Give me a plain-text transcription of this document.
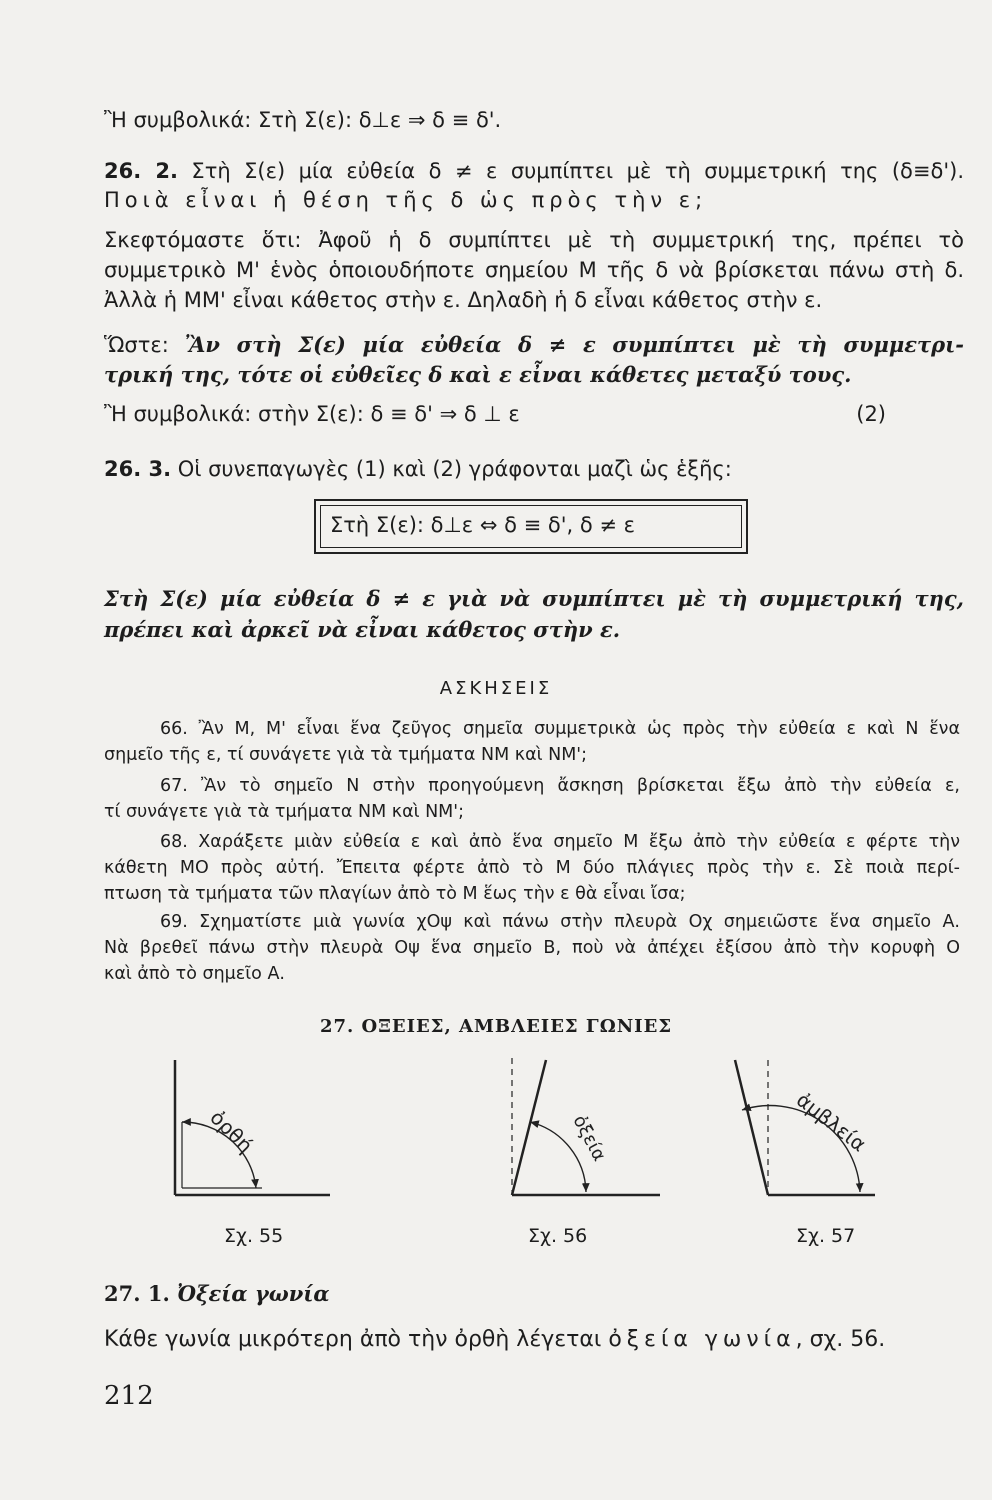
Ἢ συμβολικά: Στὴ Σ(ε): δ⊥ε ⇒ δ ≡ δ'.
26. 2. Στὴ Σ(ε) μία εὐθεία δ ≠ ε συμπίπτει μὲ τὴ συμμετρική της (δ≡δ').
Ποιὰ εἶναι ἡ θέση τῆς δ ὡς πρὸς τὴν ε;
Σκεφτόμαστε ὅτι: Ἀφοῦ ἡ δ συμπίπτει μὲ τὴ συμμετρική της, πρέπει τὸ
συμμετρικὸ Μ' ἑνὸς ὁποιουδήποτε σημείου Μ τῆς δ νὰ βρίσκεται πάνω στὴ δ.
Ἀλλὰ ἡ ΜΜ' εἶναι κάθετος στὴν ε. Δηλαδὴ ἡ δ εἶναι κάθετος στὴν ε.
Ὥστε: Ἂν στὴ Σ(ε) μία εὐθεία δ ≠ ε συμπίπτει μὲ τὴ συμμετρι-
τρική της, τότε οἱ εὐθεῖες δ καὶ ε εἶναι κάθετες μεταξύ τους.
Ἢ συμβολικά: στὴν Σ(ε): δ ≡ δ' ⇒ δ ⊥ ε	(2)
26. 3. Οἱ συνεπαγωγὲς (1) καὶ (2) γράφονται μαζὶ ὡς ἑξῆς:
Στὴ Σ(ε): δ⊥ε ⇔ δ ≡ δ', δ ≠ ε
Στὴ Σ(ε) μία εὐθεία δ ≠ ε γιὰ νὰ συμπίπτει μὲ τὴ συμμετρική της,
πρέπει καὶ ἀρκεῖ νὰ εἶναι κάθετος στὴν ε.
ΑΣΚΗΣΕΙΣ
66. Ἂν Μ, Μ' εἶναι ἕνα ζεῦγος σημεῖα συμμετρικὰ ὡς πρὸς τὴν εὐθεία ε καὶ Ν ἕνα
σημεῖο τῆς ε, τί συνάγετε γιὰ τὰ τμήματα ΝΜ καὶ ΝΜ';
67. Ἂν τὸ σημεῖο Ν στὴν προηγούμενη ἄσκηση βρίσκεται ἔξω ἀπὸ τὴν εὐθεία ε,
τί συνάγετε γιὰ τὰ τμήματα ΝΜ καὶ ΝΜ';
68. Χαράξετε μιὰν εὐθεία ε καὶ ἀπὸ ἕνα σημεῖο Μ ἔξω ἀπὸ τὴν εὐθεία ε φέρτε τὴν
κάθετη ΜΟ πρὸς αὐτή. Ἔπειτα φέρτε ἀπὸ τὸ Μ δύο πλάγιες πρὸς τὴν ε. Σὲ ποιὰ περί-
πτωση τὰ τμήματα τῶν πλαγίων ἀπὸ τὸ Μ ἕως τὴν ε θὰ εἶναι ἴσα;
69. Σχηματίστε μιὰ γωνία χΟψ καὶ πάνω στὴν πλευρὰ Οχ σημειῶστε ἕνα σημεῖο Α.
Νὰ βρεθεῖ πάνω στὴν πλευρὰ Οψ ἕνα σημεῖο Β, ποὺ νὰ ἀπέχει ἐξίσου ἀπὸ τὴν κορυφὴ Ο
καὶ ἀπὸ τὸ σημεῖο Α.
27. ΟΞΕΙΕΣ, ΑΜΒΛΕΙΕΣ ΓΩΝΙΕΣ
ὀρθή	ὀξεία	ἀμβλεία
Σχ. 55	Σχ. 56	Σχ. 57
27. 1. Ὀξεία γωνία
Κάθε γωνία μικρότερη ἀπὸ τὴν ὀρθὴ λέγεται ὀξεία γωνία, σχ. 56.
212
